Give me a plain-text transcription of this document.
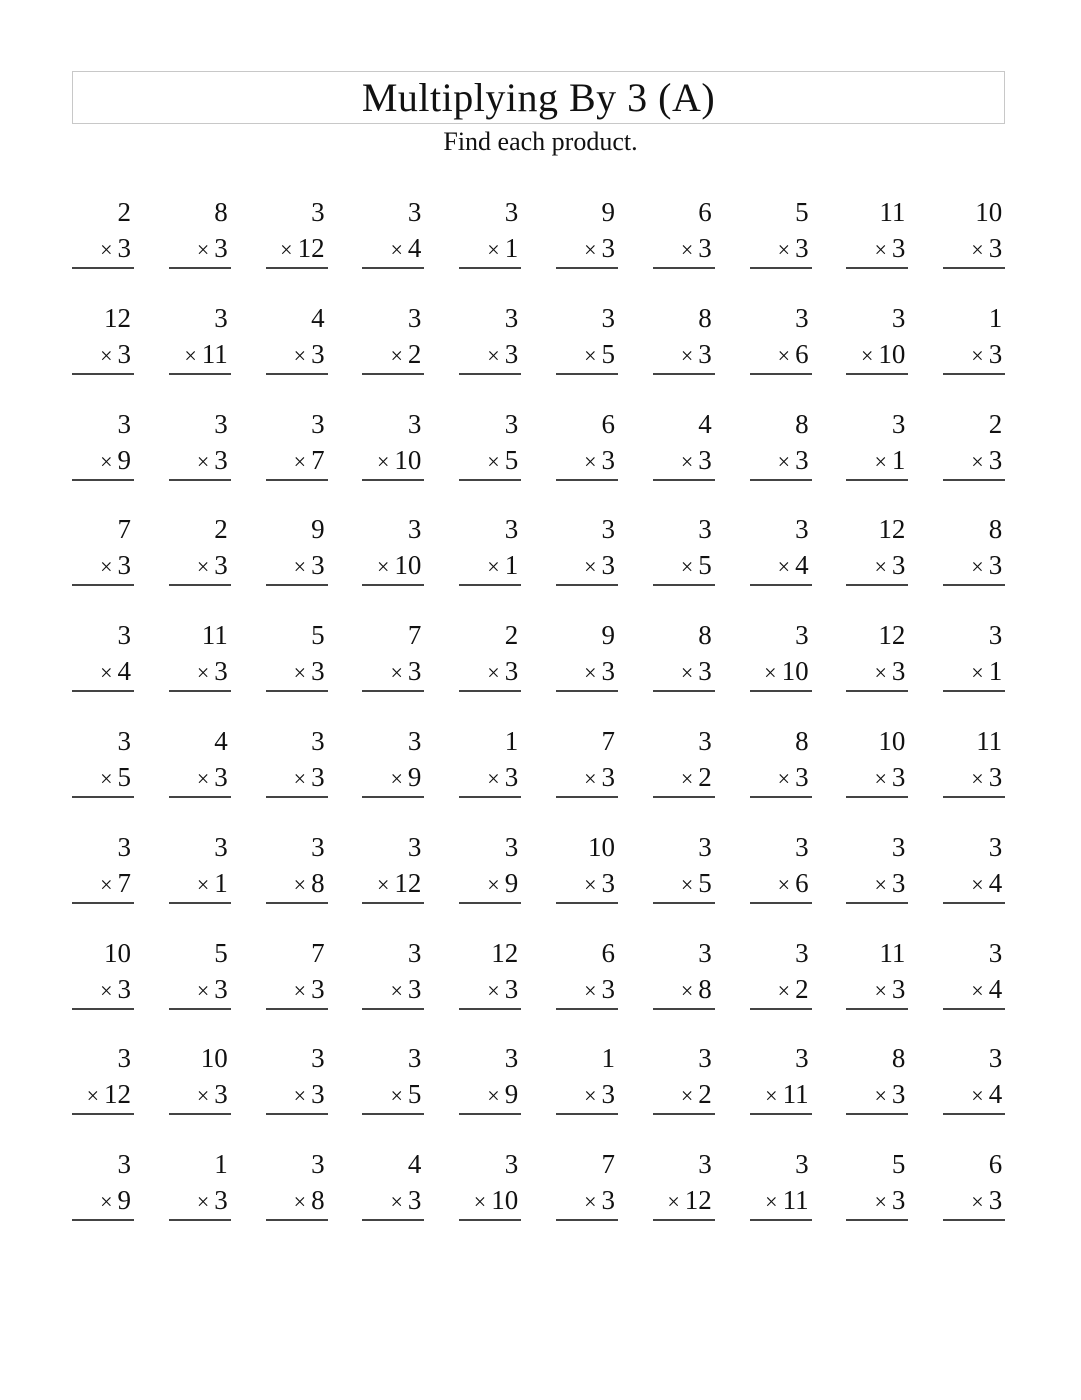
Multiplying By 3 (A)
Find each product.
2
× 3
8
× 3
3
× 12
3
× 4
3
× 1
9
× 3
6
× 3
5
× 3
11
× 3
10
× 3
12
× 3
3
× 11
4
× 3
3
× 2
3
× 3
3
× 5
8
× 3
3
× 6
3
× 10
1
× 3
3
× 9
3
× 3
3
× 7
3
× 10
3
× 5
6
× 3
4
× 3
8
× 3
3
× 1
2
× 3
7
× 3
2
× 3
9
× 3
3
× 10
3
× 1
3
× 3
3
× 5
3
× 4
12
× 3
8
× 3
3
× 4
11
× 3
5
× 3
7
× 3
2
× 3
9
× 3
8
× 3
3
× 10
12
× 3
3
× 1
3
× 5
4
× 3
3
× 3
3
× 9
1
× 3
7
× 3
3
× 2
8
× 3
10
× 3
11
× 3
3
× 7
3
× 1
3
× 8
3
× 12
3
× 9
10
× 3
3
× 5
3
× 6
3
× 3
3
× 4
10
× 3
5
× 3
7
× 3
3
× 3
12
× 3
6
× 3
3
× 8
3
× 2
11
× 3
3
× 4
3
× 12
10
× 3
3
× 3
3
× 5
3
× 9
1
× 3
3
× 2
3
× 11
8
× 3
3
× 4
3
× 9
1
× 3
3
× 8
4
× 3
3
× 10
7
× 3
3
× 12
3
× 11
5
× 3
6
× 3
